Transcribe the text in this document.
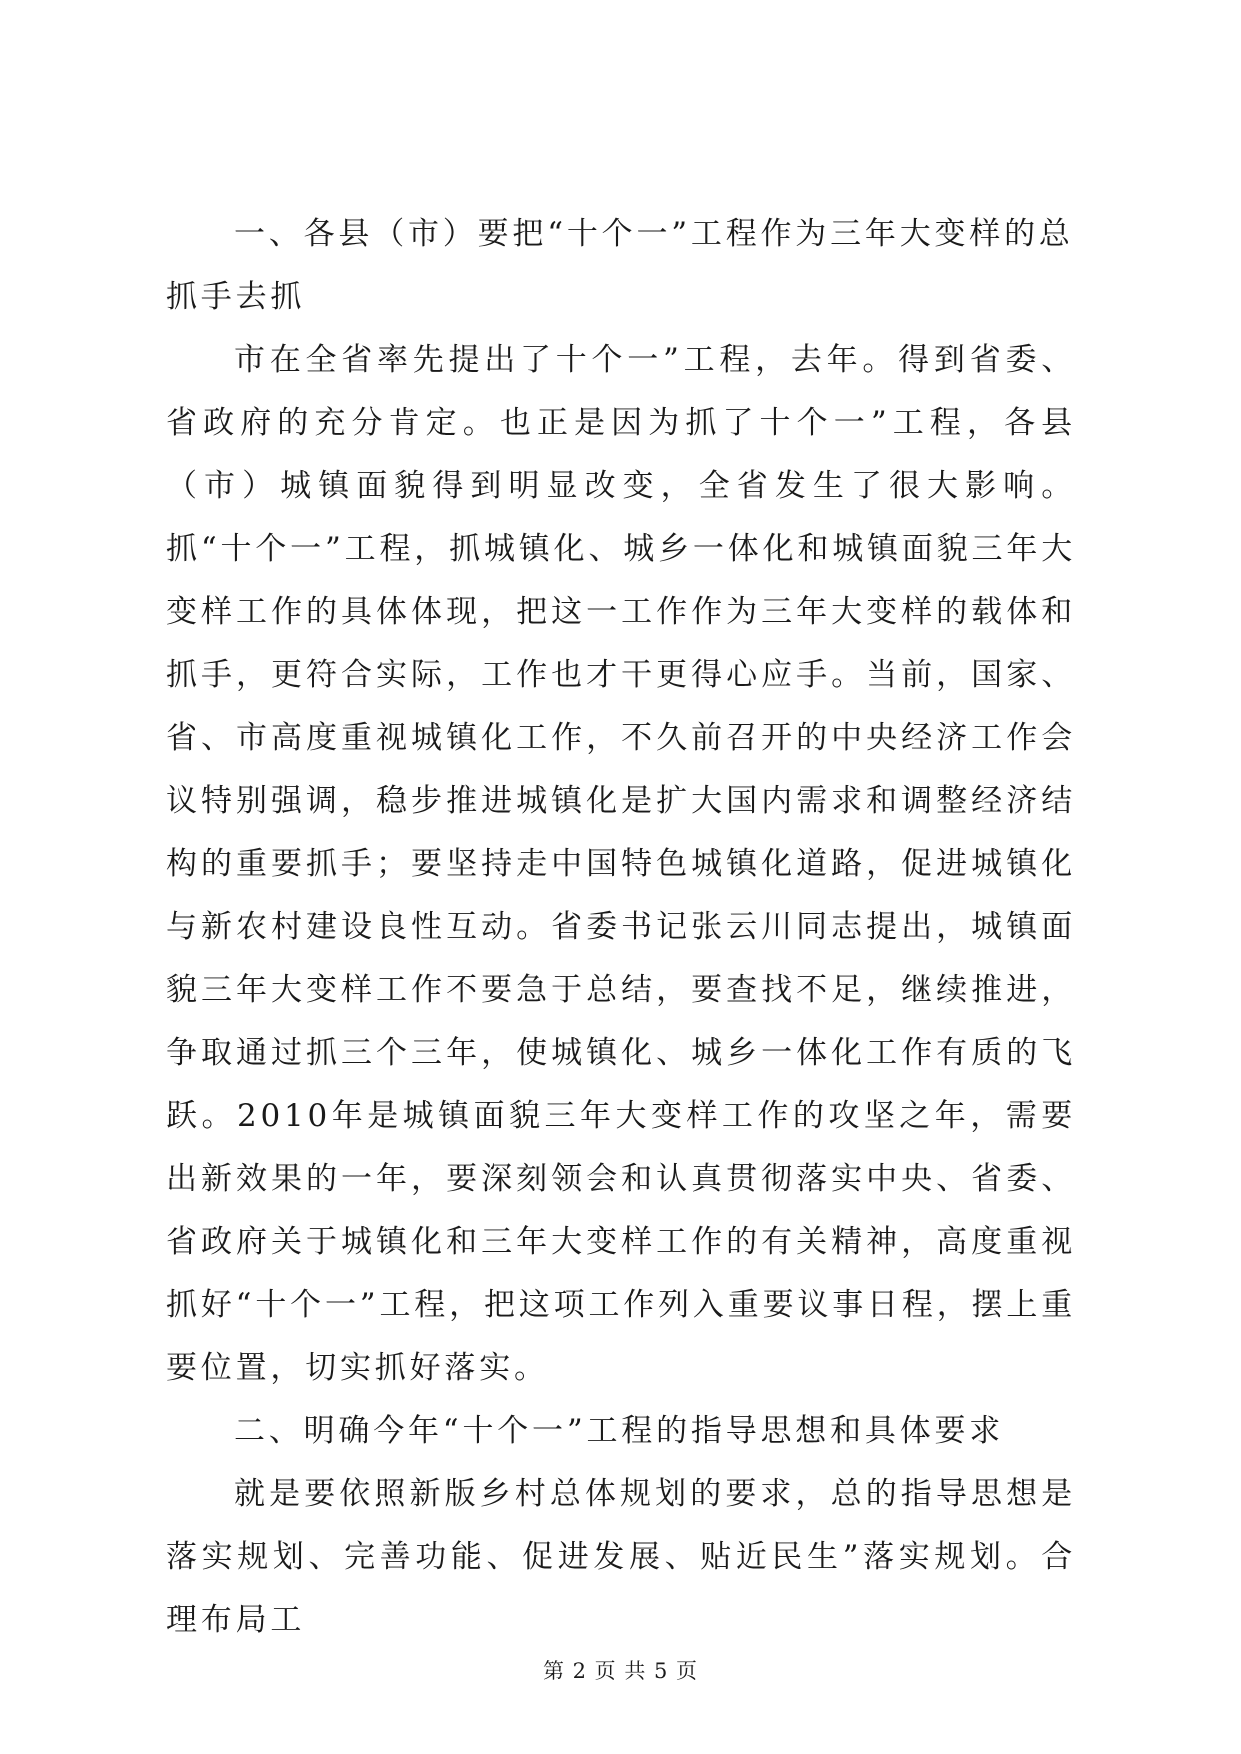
一、各县（市）要把“十个一”工程作为三年大变样的总抓手去抓

市在全省率先提出了十个一”工程，去年。得到省委、省政府的充分肯定。也正是因为抓了十个一”工程，各县（市）城镇面貌得到明显改变，全省发生了很大影响。抓“十个一”工程，抓城镇化、城乡一体化和城镇面貌三年大变样工作的具体体现，把这一工作作为三年大变样的载体和抓手，更符合实际，工作也才干更得心应手。当前，国家、省、市高度重视城镇化工作，不久前召开的中央经济工作会议特别强调，稳步推进城镇化是扩大国内需求和调整经济结构的重要抓手；要坚持走中国特色城镇化道路，促进城镇化与新农村建设良性互动。省委书记张云川同志提出，城镇面貌三年大变样工作不要急于总结，要查找不足，继续推进，争取通过抓三个三年，使城镇化、城乡一体化工作有质的飞跃。2010年是城镇面貌三年大变样工作的攻坚之年，需要出新效果的一年，要深刻领会和认真贯彻落实中央、省委、省政府关于城镇化和三年大变样工作的有关精神，高度重视抓好“十个一”工程，把这项工作列入重要议事日程，摆上重要位置，切实抓好落实。

二、明确今年“十个一”工程的指导思想和具体要求

就是要依照新版乡村总体规划的要求，总的指导思想是落实规划、完善功能、促进发展、贴近民生”落实规划。合理布局工

第 2 页 共 5 页
